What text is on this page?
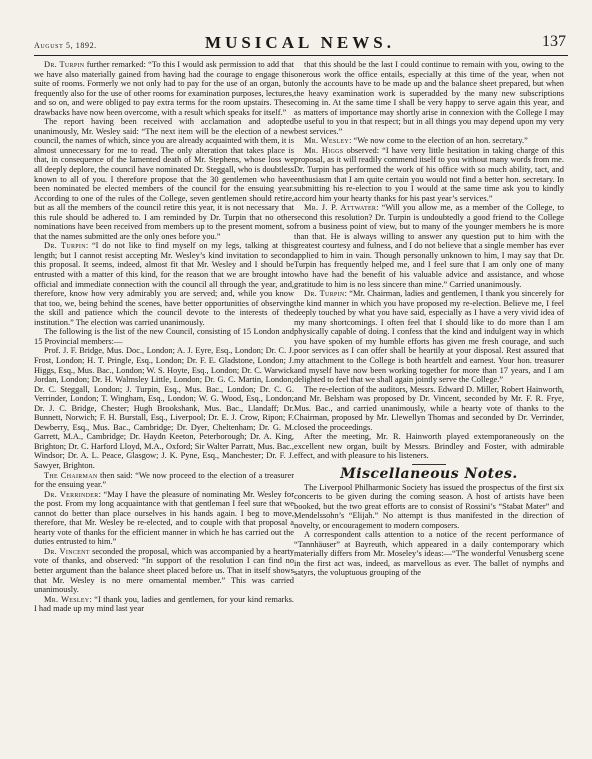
August 5, 1892.	MUSICAL NEWS.	137

Dr. Turpin further remarked: “To this I would ask permission to add that we have also materially gained from having had the courage to engage this suite of rooms. Formerly we not only had to pay for the use of an organ, but frequently also for the use of other rooms for examination purposes, lectures, and so on, and were obliged to pay extra terms for the room upstairs. These drawbacks have now been overcome, with a result which speaks for itself.”

The report having been received with acclamation and adopted unanimously, Mr. Wesley said: “The next item will be the election of a new council, the names of which, since you are already acquainted with them, it is almost unnecessary for me to read. The only alteration that takes place is that, in consequence of the lamented death of Mr. Stephens, whose loss we all deeply deplore, the council have nominated Dr. Steggall, who is doubtless known to all of you. I therefore propose that the 30 gentlemen who have been nominated be elected members of the council for the ensuing year. According to one of the rules of the College, seven gentlemen should retire, but as all the members of the council retire this year, it is not necessary that this rule should be adhered to. I am reminded by Dr. Turpin that no other nominations have been received from members up to the present moment, so that the names submitted are the only ones before you.”

Dr. Turpin: “I do not like to find myself on my legs, talking at this length; but I cannot resist accepting Mr. Wesley’s kind invitation to second this proposal. It seems, indeed, almost fit that Mr. Wesley and I should be entrusted with a matter of this kind, for the reason that we are brought into official and immediate connection with the council all through the year, and, therefore, know how very admirably you are served; and, while you know that too, we, being behind the scenes, have better opportunities of observing the skill and patience which the council devote to the interests of the institution.” The election was carried unanimously.

The following is the list of the new Council, consisting of 15 London and 15 Provincial members:—

Prof. J. F. Bridge, Mus. Doc., London; A. J. Eyre, Esq., London; Dr. C. J. Frost, London; H. T. Pringle, Esq., London; Dr. F. E. Gladstone, London; J. Higgs, Esq., Mus. Bac., London; W. S. Hoyte, Esq., London; Dr. C. Warwick Jordan, London; Dr. H. Walmsley Little, London; Dr. G. C. Martin, London; Dr. C. Steggall, London; J. Turpin, Esq., Mus. Bac., London; Dr. C. G. Verrinder, London; T. Wingham, Esq., London; W. G. Wood, Esq., London; Dr. J. C. Bridge, Chester; Hugh Brookshank, Mus. Bac., Llandaff; Dr. Bunnett, Norwich; F. H. Burstall, Esq., Liverpool; Dr. E. J. Crow, Ripon; F. Dewberry, Esq., Mus. Bac., Cambridge; Dr. Dyer, Cheltenham; Dr. G. M. Garrett, M.A., Cambridge; Dr. Haydn Keeton, Peterborough; Dr. A. King, Brighton; Dr. C. Harford Lloyd, M.A., Oxford; Sir Walter Parratt, Mus. Bac., Windsor; Dr. A. L. Peace, Glasgow; J. K. Pyne, Esq., Manchester; Dr. F. J. Sawyer, Brighton.

The Chairman then said: “We now proceed to the election of a treasurer for the ensuing year.”

Dr. Verrinder: “May I have the pleasure of nominating Mr. Wesley for the post. From my long acquaintance with that gentleman I feel sure that we cannot do better than place ourselves in his hands again. I beg to move, therefore, that Mr. Wesley be re-elected, and to couple with that proposal a hearty vote of thanks for the efficient manner in which he has carried out the duties entrusted to him.”

Dr. Vincent seconded the proposal, which was accompanied by a hearty vote of thanks, and observed: “In support of the resolution I can find no better argument than the balance sheet placed before us. That in itself shows that Mr. Wesley is no mere ornamental member.” This was carried unanimously.

Mr. Wesley: “I thank you, ladies and gentlemen, for your kind remarks. I had made up my mind last year

that this should be the last I could continue to remain with you, owing to the onerous work the office entails, especially at this time of the year, when not only the accounts have to be made up and the balance sheet prepared, but when the heavy examination work is superadded by the many new subscriptions coming in. At the same time I shall be very happy to serve again this year, and as matters of importance may shortly arise in connexion with the College I may be useful to you in that respect; but in all things you may depend upon my very best services.”

Mr. Wesley: “We now come to the election of an hon. secretary.”

Mr. Higgs observed: “I have very little hesitation in taking charge of this proposal, as it will readily commend itself to you without many words from me. Dr. Turpin has performed the work of his office with so much ability, tact, and enthusiasm that I am quite certain you would not find a better hon. secretary. In submitting his re-election to you I would at the same time ask you to kindly accord him your hearty thanks for his past year’s services.”

Mr. J. P. Attwater: “Will you allow me, as a member of the College, to second this resolution? Dr. Turpin is undoubtedly a good friend to the College from a business point of view, but to many of the younger members he is more than that. He is always willing to answer any question put to him with the greatest courtesy and fulness, and I do not believe that a single member has ever applied to him in vain. Though personally unknown to him, I may say that Dr. Turpin has frequently helped me, and I feel sure that I am only one of many who have had the benefit of his valuable advice and assistance, and whose gratitude to him is no less sincere than mine.” Carried unanimously.

Dr. Turpin: “Mr. Chairman, ladies and gentlemen, I thank you sincerely for the kind manner in which you have proposed my re-election. Believe me, I feel deeply touched by what you have said, especially as I have a very vivid idea of my many shortcomings. I often feel that I should like to do more than I am physically capable of doing. I confess that the kind and indulgent way in which you have spoken of my humble efforts has given me fresh courage, and such poor services as I can offer shall be heartily at your disposal. Rest assured that my attachment to the College is both heartfelt and earnest. Your hon. treasurer and myself have now been working together for more than 17 years, and I am delighted to feel that we shall again jointly serve the College.”

The re-election of the auditors, Messrs. Edward D. Miller, Robert Hainworth, and Mr. Belsham was proposed by Dr. Vincent, seconded by Mr. F. R. Frye, Mus. Bac., and carried unanimously, while a hearty vote of thanks to the Chairman, proposed by Mr. Llewellyn Thomas and seconded by Dr. Verrinder, closed the proceedings.

After the meeting, Mr. R. Hainworth played extemporaneously on the excellent new organ, built by Messrs. Brindley and Foster, with admirable effect, and with pleasure to his listeners.

Miscellaneous Notes.

The Liverpool Philharmonic Society has issued the prospectus of the first six concerts to be given during the coming season. A host of artists have been booked, but the two great efforts are to consist of Rossini’s “Stabat Mater” and Mendelssohn’s “Elijah.” No attempt is thus manifested in the direction of novelty, or encouragement to modern composers.

A correspondent calls attention to a notice of the recent performance of “Tannhäuser” at Bayreuth, which appeared in a daily contemporary which materially differs from Mr. Moseley’s ideas:—“The wonderful Venusberg scene in the first act was, indeed, as marvellous as ever. The ballet of nymphs and satyrs, the voluptuous grouping of the
